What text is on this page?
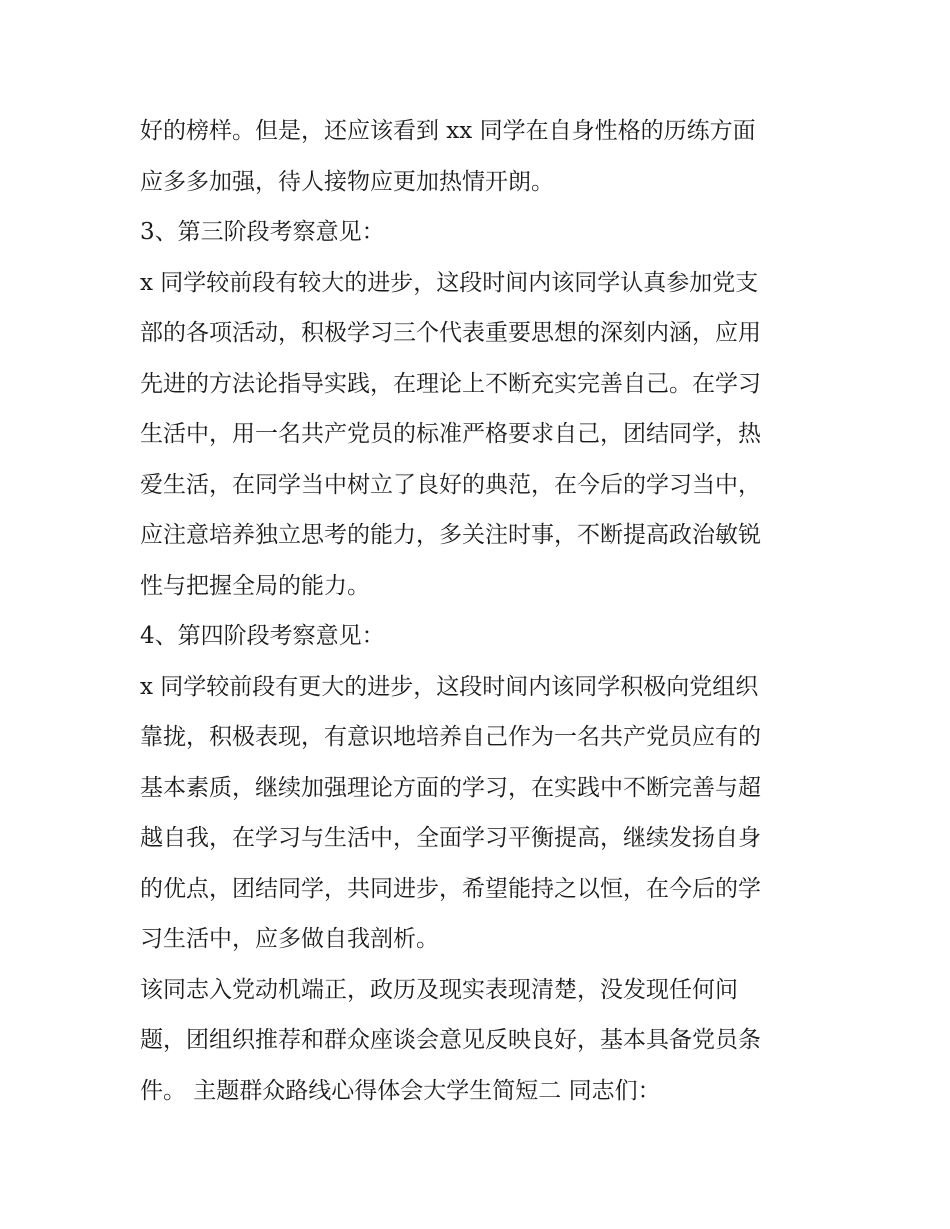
好的榜样。但是，还应该看到 xx 同学在自身性格的历练方面
应多多加强，待人接物应更加热情开朗。
3、第三阶段考察意见：
x 同学较前段有较大的进步，这段时间内该同学认真参加党支
部的各项活动，积极学习三个代表重要思想的深刻内涵，应用
先进的方法论指导实践，在理论上不断充实完善自己。在学习
生活中，用一名共产党员的标准严格要求自己，团结同学，热
爱生活，在同学当中树立了良好的典范，在今后的学习当中，
应注意培养独立思考的能力，多关注时事，不断提高政治敏锐
性与把握全局的能力。
4、第四阶段考察意见：
x 同学较前段有更大的进步，这段时间内该同学积极向党组织
靠拢，积极表现，有意识地培养自己作为一名共产党员应有的
基本素质，继续加强理论方面的学习，在实践中不断完善与超
越自我，在学习与生活中，全面学习平衡提高，继续发扬自身
的优点，团结同学，共同进步，希望能持之以恒，在今后的学
习生活中，应多做自我剖析。
该同志入党动机端正，政历及现实表现清楚，没发现任何问
题，团组织推荐和群众座谈会意见反映良好，基本具备党员条
件。 主题群众路线心得体会大学生简短二 同志们：
